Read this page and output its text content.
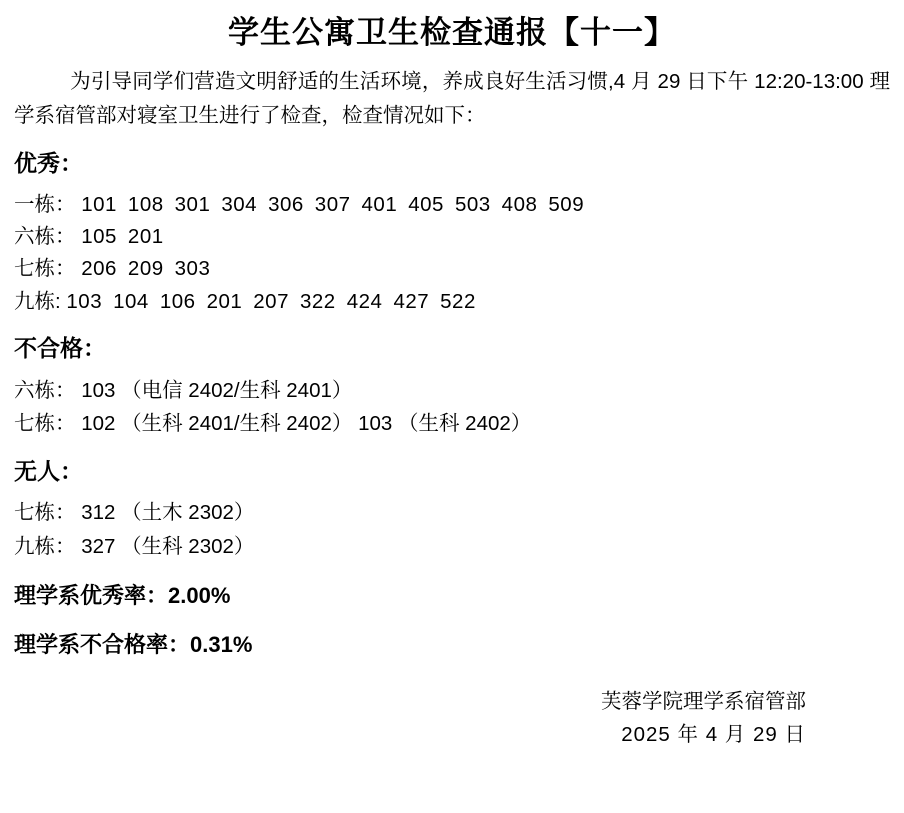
学生公寓卫生检查通报【十一】

为引导同学们营造文明舒适的生活环境，养成良好生活习惯,4 月 29 日下午 12:20-13:00 理学系宿管部对寝室卫生进行了检查，检查情况如下：

优秀：
一栋： 101 108 301 304 306 307 401 405 503 408 509
六栋： 105 201
七栋： 206 209 303
九栋: 103 104 106 201 207 322 424 427 522
不合格：
六栋： 103 （电信 2402/生科 2401）
七栋： 102 （生科 2401/生科 2402） 103 （生科 2402）
无人：
七栋： 312 （土木 2302）
九栋： 327 （生科 2302）
理学系优秀率：2.00%
理学系不合格率：0.31%
芙蓉学院理学系宿管部
2025 年 4 月 29 日
